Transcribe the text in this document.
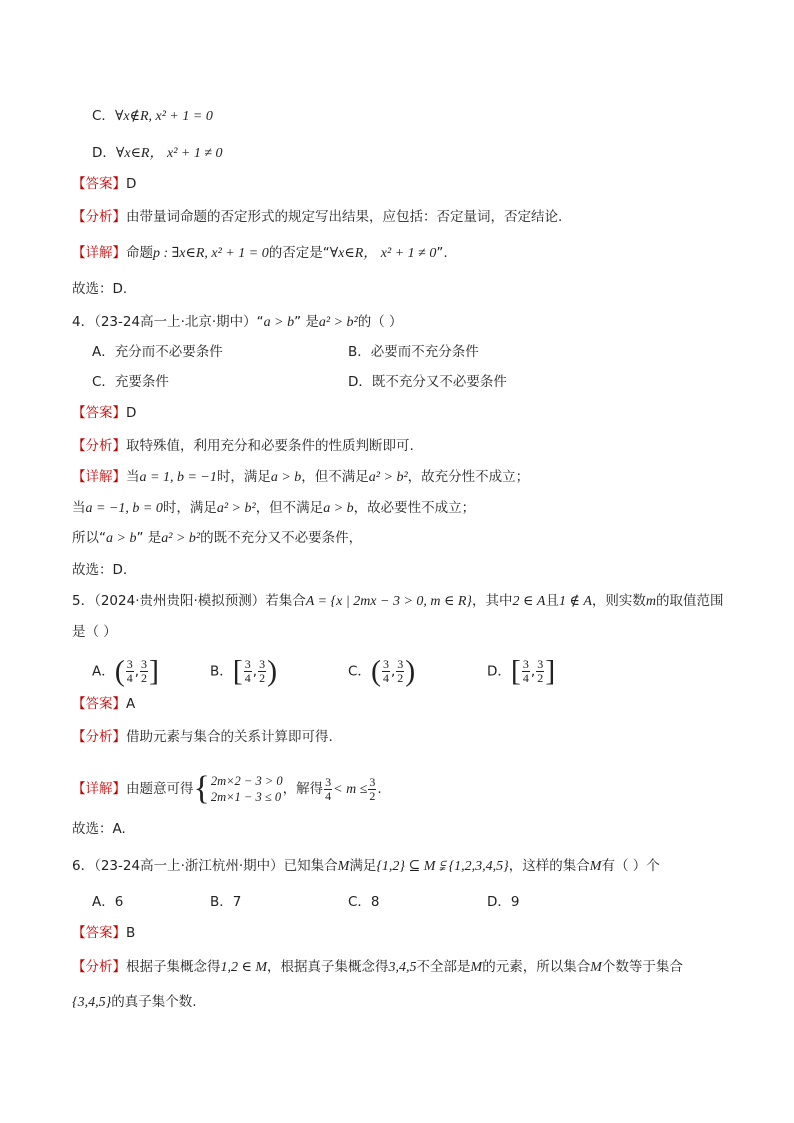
C．∀x∉R, x² + 1 = 0
D．∀x∈R， x² + 1 ≠ 0
【答案】D
【分析】由带量词命题的否定形式的规定写出结果，应包括：否定量词，否定结论.
【详解】命题p : ∃x∈R, x² + 1 = 0的否定是“∀x∈R， x² + 1 ≠ 0”.
故选：D.
4．（23-24高一上·北京·期中）“a > b” 是a² > b²的（ ）
A．充分而不必要条件	B．必要而不充分条件
C．充要条件	D．既不充分又不必要条件
【答案】D
【分析】取特殊值，利用充分和必要条件的性质判断即可.
【详解】当a = 1, b = −1时，满足a > b，但不满足a² > b²，故充分性不成立；
当a = −1, b = 0时，满足a² > b²，但不满足a > b，故必要性不成立；
所以“a > b” 是a² > b²的既不充分又不必要条件，
故选：D.
5．（2024·贵州贵阳·模拟预测）若集合A = {x | 2mx − 3 > 0, m ∈ R}，其中2 ∈ A且1 ∉ A，则实数m的取值范围
是（ ）
A．( $\frac{3}{4}$ , $\frac{3}{2}$ ]	B．[ $\frac{3}{4}$ , $\frac{3}{2}$ )	C．( $\frac{3}{4}$ , $\frac{3}{2}$ )	D．[ $\frac{3}{4}$ , $\frac{3}{2}$ ]
【答案】A
【分析】借助元素与集合的关系计算即可得.
【详解】由题意可得 { 2m×2 − 3 > 0
2m×1 − 3 ≤ 0 ，解得 $\frac{3}{4} < m \le \frac{3}{2}$ .
故选：A.
6．（23-24高一上·浙江杭州·期中）已知集合M满足{1,2} ⊆ M ⫋ {1,2,3,4,5}，这样的集合M有（ ）个
A．6	B．7	C．8	D．9
【答案】B
【分析】根据子集概念得1,2 ∈ M，根据真子集概念得3,4,5不全部是M的元素，所以集合M个数等于集合
{3,4,5}的真子集个数.
